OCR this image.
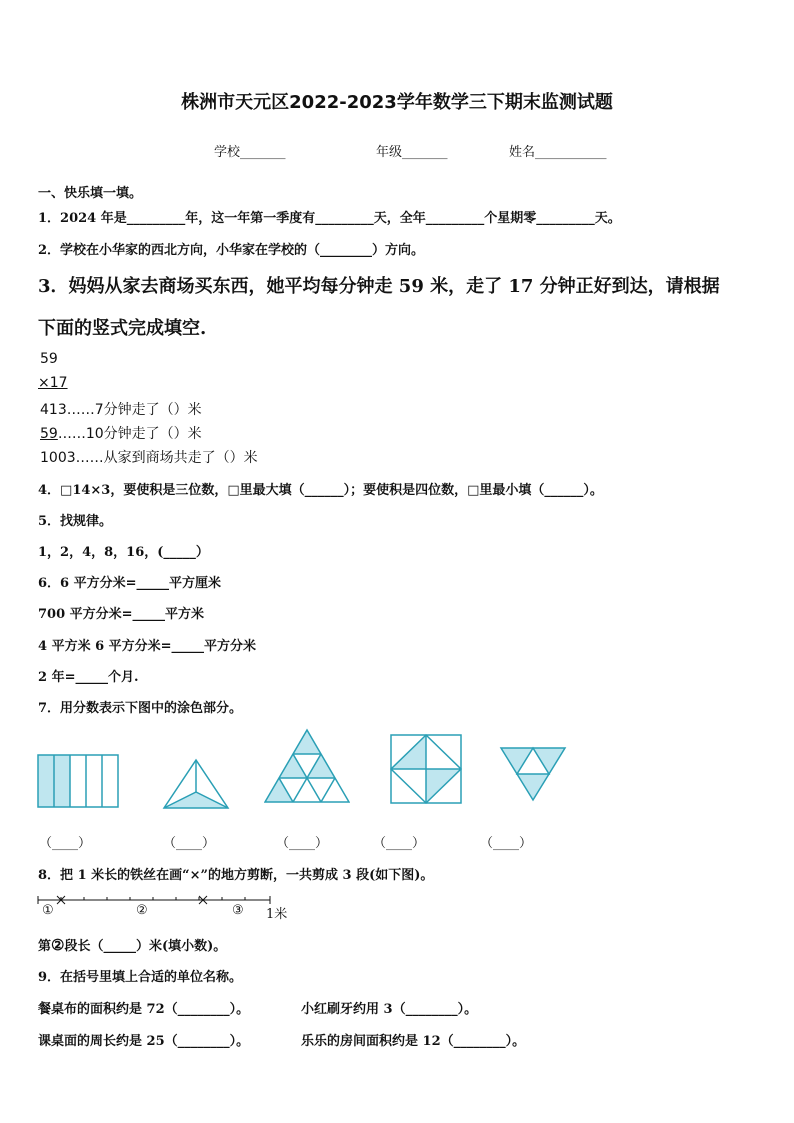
株洲市天元区2022-2023学年数学三下期末监测试题
学校_______	年级_______	姓名___________
一、快乐填一填。
1．2024 年是_________年，这一年第一季度有_________天，全年_________个星期零_________天。
2．学校在小华家的西北方向，小华家在学校的（________）方向。
3．妈妈从家去商场买东西，她平均每分钟走 59 米，走了 17 分钟正好到达，请根据
下面的竖式完成填空.
59
×17
413……7分钟走了（）米
59……10分钟走了（）米
1003……从家到商场共走了（）米
4．□14×3，要使积是三位数，□里最大填（______）；要使积是四位数，□里最小填（______）。
5．找规律。
1，2，4，8，16，(_____）
6．6 平方分米=_____平方厘米
700 平方分米=_____平方米
4 平方米 6 平方分米=_____平方分米
2 年=_____个月.
7．用分数表示下图中的涂色部分。
（____）	（____）	（____）	（____）	（____）
8．把 1 米长的铁丝在画“×”的地方剪断，一共剪成 3 段(如下图)。
①	②	③ 1米
第②段长（_____）米(填小数)。
9．在括号里填上合适的单位名称。
餐桌布的面积约是 72（________）。	小红刷牙约用 3（________）。
课桌面的周长约是 25（________）。	乐乐的房间面积约是 12（________）。
